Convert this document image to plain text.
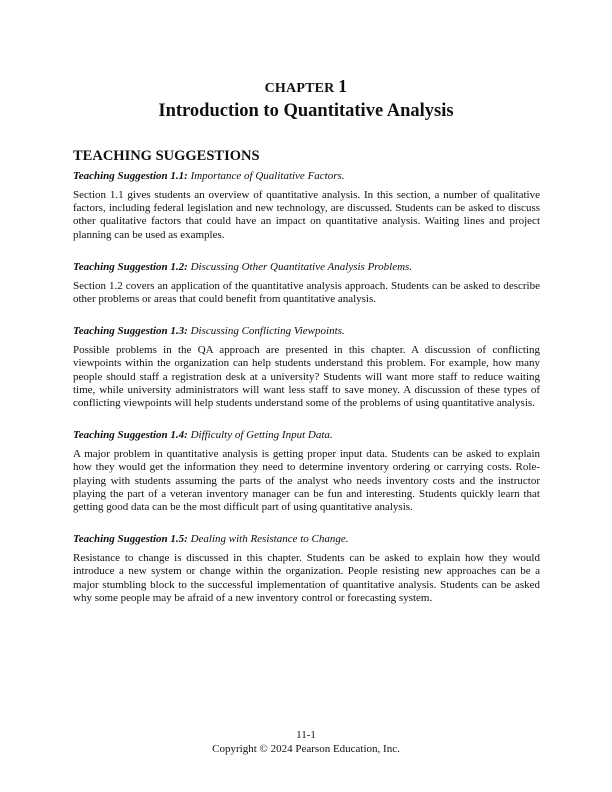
CHAPTER 1
Introduction to Quantitative Analysis
TEACHING SUGGESTIONS

Teaching Suggestion 1.1: Importance of Qualitative Factors.

Section 1.1 gives students an overview of quantitative analysis. In this section, a number of qualitative factors, including federal legislation and new technology, are discussed. Students can be asked to discuss other qualitative factors that could have an impact on quantitative analysis. Waiting lines and project planning can be used as examples.

Teaching Suggestion 1.2: Discussing Other Quantitative Analysis Problems.

Section 1.2 covers an application of the quantitative analysis approach. Students can be asked to describe other problems or areas that could benefit from quantitative analysis.

Teaching Suggestion 1.3: Discussing Conflicting Viewpoints.

Possible problems in the QA approach are presented in this chapter. A discussion of conflicting viewpoints within the organization can help students understand this problem. For example, how many people should staff a registration desk at a university? Students will want more staff to reduce waiting time, while university administrators will want less staff to save money. A discussion of these types of conflicting viewpoints will help students understand some of the problems of using quantitative analysis.

Teaching Suggestion 1.4: Difficulty of Getting Input Data.

A major problem in quantitative analysis is getting proper input data. Students can be asked to explain how they would get the information they need to determine inventory ordering or carrying costs. Role-playing with students assuming the parts of the analyst who needs inventory costs and the instructor playing the part of a veteran inventory manager can be fun and interesting. Students quickly learn that getting good data can be the most difficult part of using quantitative analysis.

Teaching Suggestion 1.5: Dealing with Resistance to Change.

Resistance to change is discussed in this chapter. Students can be asked to explain how they would introduce a new system or change within the organization. People resisting new approaches can be a major stumbling block to the successful implementation of quantitative analysis. Students can be asked why some people may be afraid of a new inventory control or forecasting system.

11-1
Copyright © 2024 Pearson Education, Inc.
